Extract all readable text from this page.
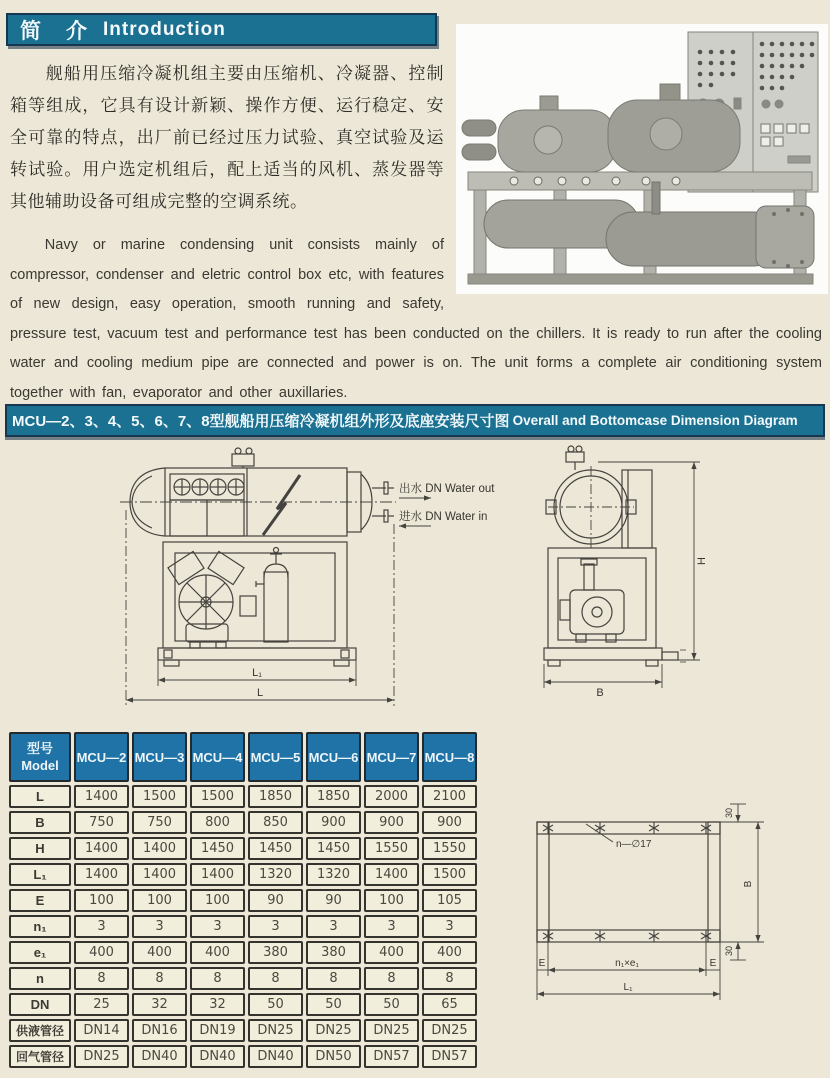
简　介 Introduction

舰船用压缩冷凝机组主要由压缩机、冷凝器、控制箱等组成，它具有设计新颖、操作方便、运行稳定、安全可靠的特点，出厂前已经过压力试验、真空试验及运转试验。用户选定机组后，配上适当的风机、蒸发器等其他辅助设备可组成完整的空调系统。

Navy or marine condensing unit consists mainly of compressor, condenser and eletric control box etc, with features of new design, easy operation, smooth running and safety, pressure test, vacuum test and performance test has been conducted on the chillers. It is ready to run after the cooling water and cooling medium pipe are connected and power is on. The unit forms a complete air conditioning system together with fan, evaporator and other auxillaries.

MCU—2、3、4、5、6、7、8型舰船用压缩冷凝机组外形及底座安装尺寸图 Overall and Bottomcase Dimension Diagram
L₁
L
出水 DN Water out
进水 DN Water in
H
B
n—∅17
B
30
30
E	n₁×e₁	E
L₁
型号
Model	MCU—2	MCU—3	MCU—4	MCU—5	MCU—6	MCU—7	MCU—8
L	1400	1500	1500	1850	1850	2000	2100
B	750	750	800	850	900	900	900
H	1400	1400	1450	1450	1450	1550	1550
L₁	1400	1400	1400	1320	1320	1400	1500
E	100	100	100	90	90	100	105
n₁	3	3	3	3	3	3	3
e₁	400	400	400	380	380	400	400
n	8	8	8	8	8	8	8
DN	25	32	32	50	50	50	65
供液管径	DN14	DN16	DN19	DN25	DN25	DN25	DN25
回气管径	DN25	DN40	DN40	DN40	DN50	DN57	DN57
